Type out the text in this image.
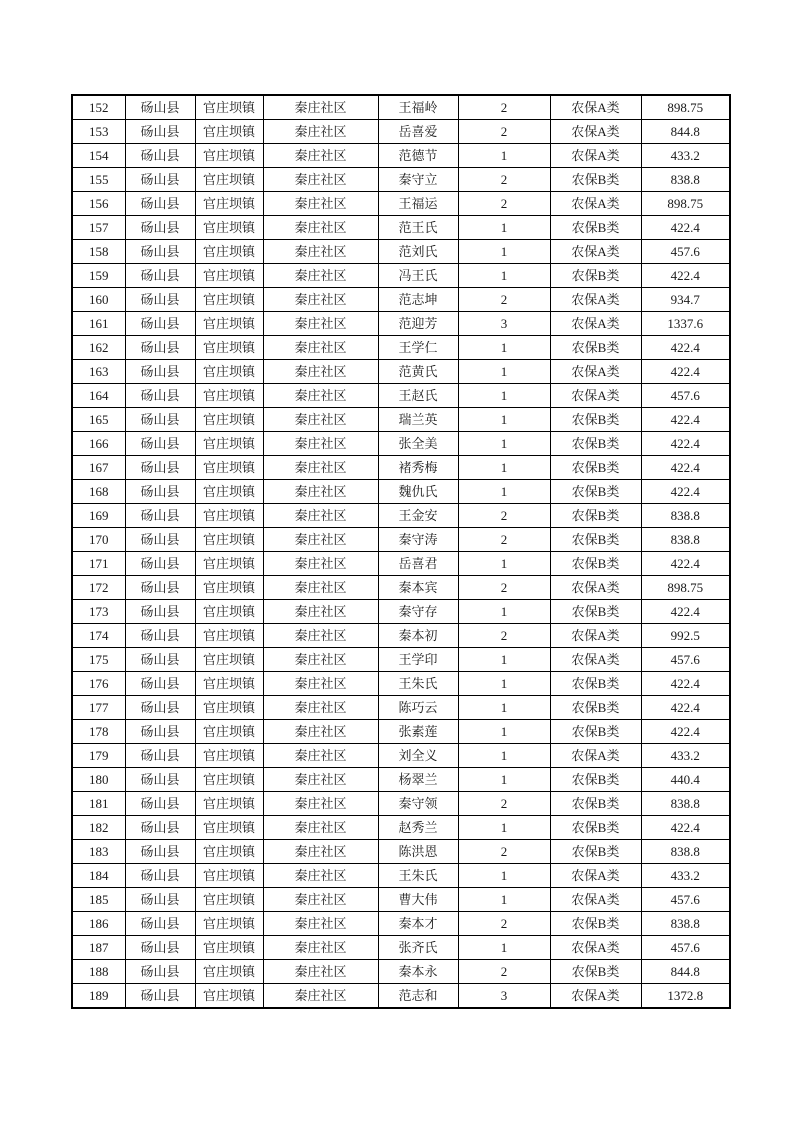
152	砀山县	官庄坝镇	秦庄社区	王福岭	2	农保A类	898.75
153	砀山县	官庄坝镇	秦庄社区	岳喜爱	2	农保A类	844.8
154	砀山县	官庄坝镇	秦庄社区	范德节	1	农保A类	433.2
155	砀山县	官庄坝镇	秦庄社区	秦守立	2	农保B类	838.8
156	砀山县	官庄坝镇	秦庄社区	王福运	2	农保A类	898.75
157	砀山县	官庄坝镇	秦庄社区	范王氏	1	农保B类	422.4
158	砀山县	官庄坝镇	秦庄社区	范刘氏	1	农保A类	457.6
159	砀山县	官庄坝镇	秦庄社区	冯王氏	1	农保B类	422.4
160	砀山县	官庄坝镇	秦庄社区	范志坤	2	农保A类	934.7
161	砀山县	官庄坝镇	秦庄社区	范迎芳	3	农保A类	1337.6
162	砀山县	官庄坝镇	秦庄社区	王学仁	1	农保B类	422.4
163	砀山县	官庄坝镇	秦庄社区	范黄氏	1	农保A类	422.4
164	砀山县	官庄坝镇	秦庄社区	王赵氏	1	农保A类	457.6
165	砀山县	官庄坝镇	秦庄社区	瑞兰英	1	农保B类	422.4
166	砀山县	官庄坝镇	秦庄社区	张全美	1	农保B类	422.4
167	砀山县	官庄坝镇	秦庄社区	褚秀梅	1	农保B类	422.4
168	砀山县	官庄坝镇	秦庄社区	魏仇氏	1	农保B类	422.4
169	砀山县	官庄坝镇	秦庄社区	王金安	2	农保B类	838.8
170	砀山县	官庄坝镇	秦庄社区	秦守涛	2	农保B类	838.8
171	砀山县	官庄坝镇	秦庄社区	岳喜君	1	农保B类	422.4
172	砀山县	官庄坝镇	秦庄社区	秦本宾	2	农保A类	898.75
173	砀山县	官庄坝镇	秦庄社区	秦守存	1	农保B类	422.4
174	砀山县	官庄坝镇	秦庄社区	秦本初	2	农保A类	992.5
175	砀山县	官庄坝镇	秦庄社区	王学印	1	农保A类	457.6
176	砀山县	官庄坝镇	秦庄社区	王朱氏	1	农保B类	422.4
177	砀山县	官庄坝镇	秦庄社区	陈巧云	1	农保B类	422.4
178	砀山县	官庄坝镇	秦庄社区	张素莲	1	农保B类	422.4
179	砀山县	官庄坝镇	秦庄社区	刘全义	1	农保A类	433.2
180	砀山县	官庄坝镇	秦庄社区	杨翠兰	1	农保B类	440.4
181	砀山县	官庄坝镇	秦庄社区	秦守领	2	农保B类	838.8
182	砀山县	官庄坝镇	秦庄社区	赵秀兰	1	农保B类	422.4
183	砀山县	官庄坝镇	秦庄社区	陈洪恩	2	农保B类	838.8
184	砀山县	官庄坝镇	秦庄社区	王朱氏	1	农保A类	433.2
185	砀山县	官庄坝镇	秦庄社区	曹大伟	1	农保A类	457.6
186	砀山县	官庄坝镇	秦庄社区	秦本才	2	农保B类	838.8
187	砀山县	官庄坝镇	秦庄社区	张齐氏	1	农保A类	457.6
188	砀山县	官庄坝镇	秦庄社区	秦本永	2	农保B类	844.8
189	砀山县	官庄坝镇	秦庄社区	范志和	3	农保A类	1372.8
